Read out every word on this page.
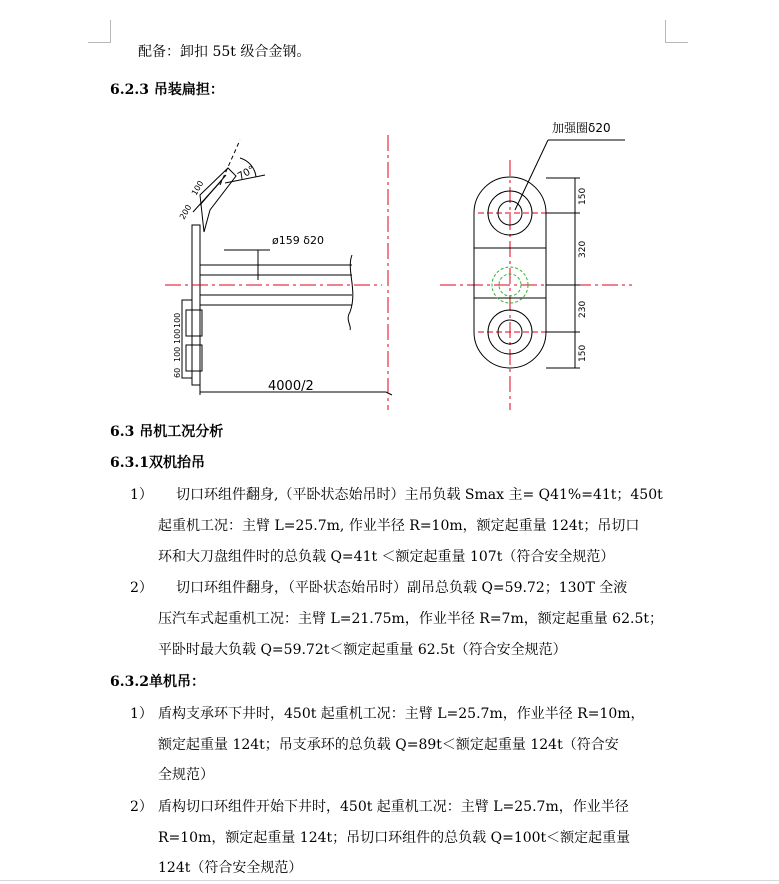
配备：卸扣 55t 级合金钢。
6.2.3 吊装扁担：
70°
ø159 δ20
4000/2
200
100
100
100
100
60
加强圈δ20
150
320
230
150
6.3 吊机工况分析
6.3.1双机抬吊
1） 切口环组件翻身,（平卧状态始吊时）主吊负载 Smax 主= Q41%=41t；450t
起重机工况：主臂 L=25.7m, 作业半径 R=10m，额定起重量 124t；吊切口
环和大刀盘组件时的总负载 Q=41t ＜额定起重量 107t（符合安全规范）
2） 切口环组件翻身，（平卧状态始吊时）副吊总负载 Q=59.72；130T 全液
压汽车式起重机工况：主臂 L=21.75m，作业半径 R=7m，额定起重量 62.5t；
平卧时最大负载 Q=59.72t＜额定起重量 62.5t（符合安全规范）
6.3.2单机吊：
1） 盾构支承环下井时，450t 起重机工况：主臂 L=25.7m，作业半径 R=10m，
额定起重量 124t；吊支承环的总负载 Q=89t＜额定起重量 124t（符合安
全规范）
2） 盾构切口环组件开始下井时，450t 起重机工况：主臂 L=25.7m，作业半径
R=10m，额定起重量 124t；吊切口环组件的总负载 Q=100t＜额定起重量
124t（符合安全规范）
